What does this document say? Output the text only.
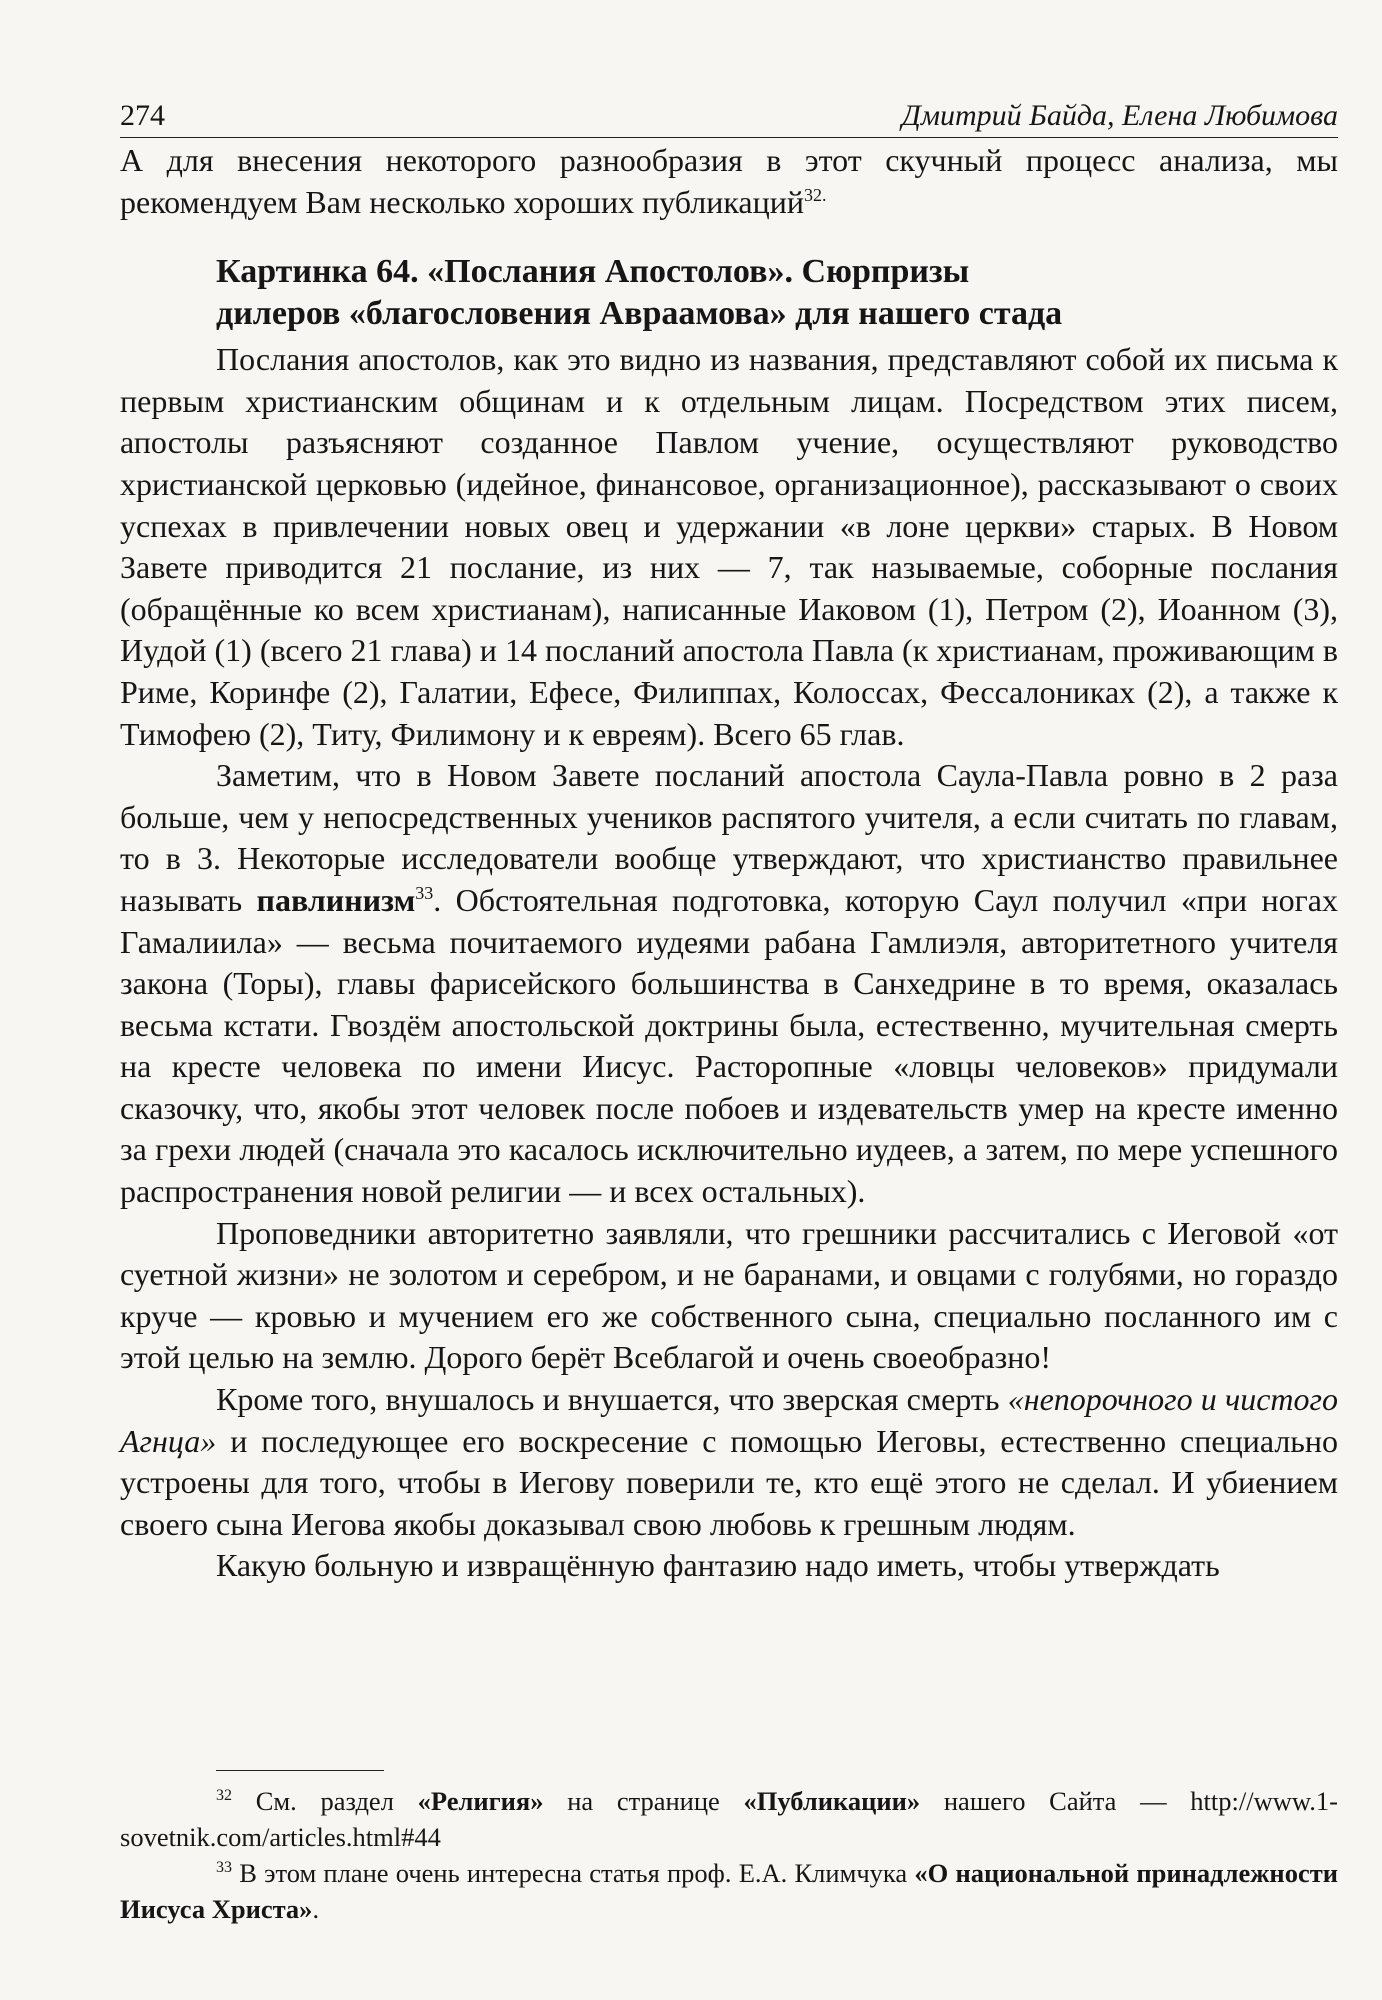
274	Дмитрий Байда, Елена Любимова

А для внесения некоторого разнообразия в этот скучный процесс анализа, мы рекомендуем Вам несколько хороших публикаций$^{32.}$

Картинка 64. «Послания Апостолов». Сюрпризы
дилеров «благословения Авраамова» для нашего стада

Послания апостолов, как это видно из названия, представляют собой их письма к первым христианским общинам и к отдельным лицам. Посредством этих писем, апостолы разъясняют созданное Павлом учение, осуществляют руководство христианской церковью (идейное, финансовое, организационное), рассказывают о своих успехах в привлечении новых овец и удержании «в лоне церкви» старых. В Новом Завете приводится 21 послание, из них — 7, так называемые, соборные послания (обращённые ко всем христианам), написанные Иаковом (1), Петром (2), Иоанном (3), Иудой (1) (всего 21 глава) и 14 посланий апостола Павла (к христианам, проживающим в Риме, Коринфе (2), Галатии, Ефесе, Филиппах, Колоссах, Фессалониках (2), а также к Тимофею (2), Титу, Филимону и к евреям). Всего 65 глав.

Заметим, что в Новом Завете посланий апостола Саула-Павла ровно в 2 раза больше, чем у непосредственных учеников распятого учителя, а если считать по главам, то в 3. Некоторые исследователи вообще утверждают, что христианство правильнее называть павлинизм$^{33}$. Обстоятельная подготовка, которую Саул получил «при ногах Гамалиила» — весьма почитаемого иудеями рабана Гамлиэля, авторитетного учителя закона (Торы), главы фарисейского большинства в Санхедрине в то время, оказалась весьма кстати. Гвоздём апостольской доктрины была, естественно, мучительная смерть на кресте человека по имени Иисус. Расторопные «ловцы человеков» придумали сказочку, что, якобы этот человек после побоев и издевательств умер на кресте именно за грехи людей (сначала это касалось исключительно иудеев, а затем, по мере успешного распространения новой религии — и всех остальных).

Проповедники авторитетно заявляли, что грешники рассчитались с Иеговой «от суетной жизни» не золотом и серебром, и не баранами, и овцами с голубями, но гораздо круче — кровью и мучением его же собственного сына, специально посланного им с этой целью на землю. Дорого берёт Всеблагой и очень своеобразно!

Кроме того, внушалось и внушается, что зверская смерть «непорочного и чистого Агнца» и последующее его воскресение с помощью Иеговы, естественно специально устроены для того, чтобы в Иегову поверили те, кто ещё этого не сделал. И убиением своего сына Иегова якобы доказывал свою любовь к грешным людям.

Какую больную и извращённую фантазию надо иметь, чтобы утверждать

$^{32}$ См. раздел «Религия» на странице «Публикации» нашего Сайта — http://www.1-sovetnik.com/articles.html#44

$^{33}$ В этом плане очень интересна статья проф. Е.А. Климчука «О национальной принадлежности Иисуса Христа».
